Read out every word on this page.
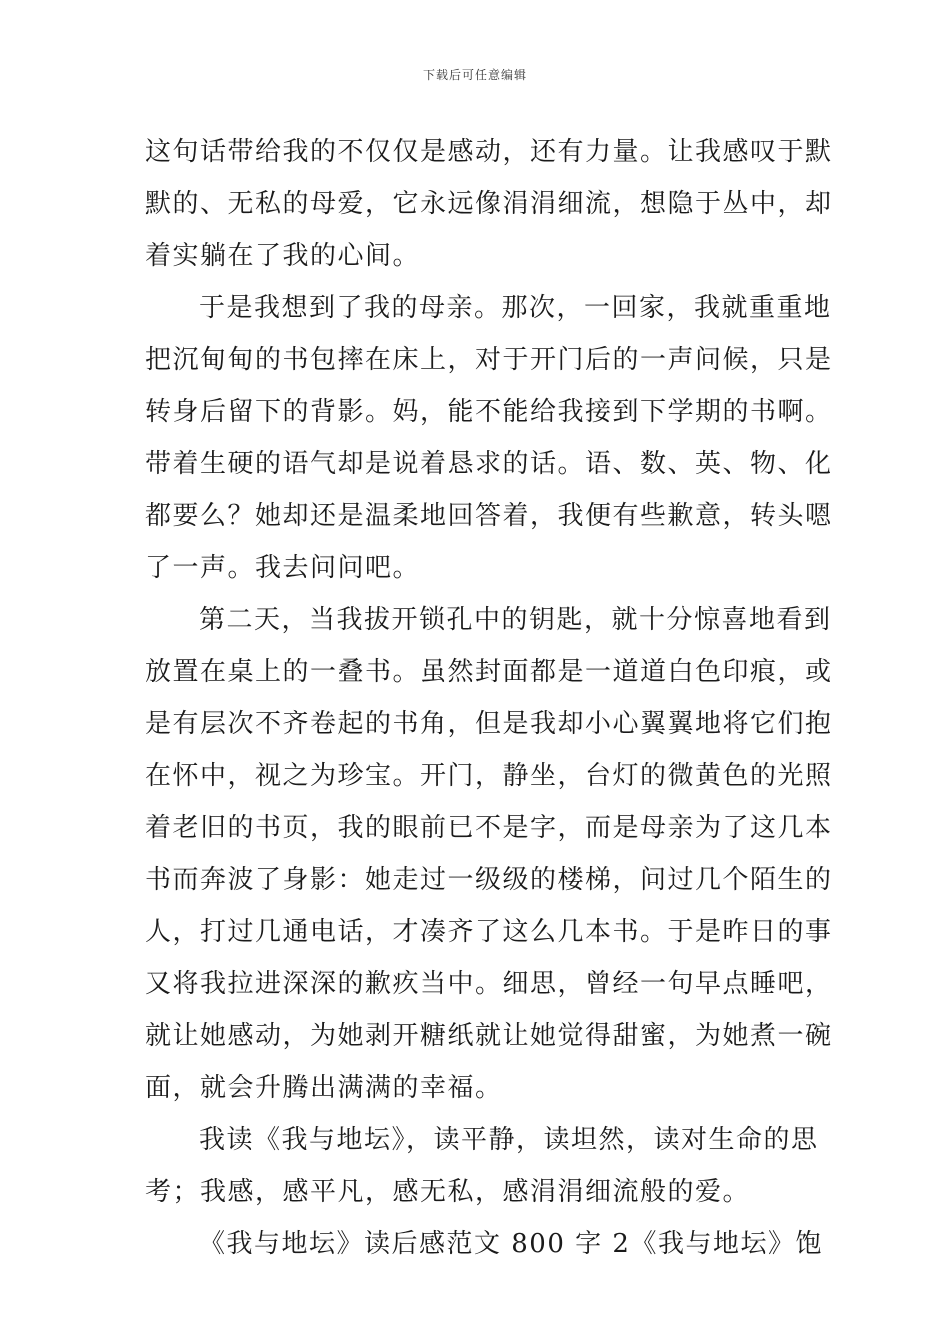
下载后可任意编辑
这句话带给我的不仅仅是感动，还有力量。让我感叹于默
默的、无私的母爱，它永远像涓涓细流，想隐于丛中，却
着实躺在了我的心间。
于是我想到了我的母亲。那次，一回家，我就重重地
把沉甸甸的书包摔在床上，对于开门后的一声问候，只是
转身后留下的背影。妈，能不能给我接到下学期的书啊。
带着生硬的语气却是说着恳求的话。语、数、英、物、化
都要么？她却还是温柔地回答着，我便有些歉意，转头嗯
了一声。我去问问吧。
第二天，当我拔开锁孔中的钥匙，就十分惊喜地看到
放置在桌上的一叠书。虽然封面都是一道道白色印痕，或
是有层次不齐卷起的书角，但是我却小心翼翼地将它们抱
在怀中，视之为珍宝。开门，静坐，台灯的微黄色的光照
着老旧的书页，我的眼前已不是字，而是母亲为了这几本
书而奔波了身影：她走过一级级的楼梯，问过几个陌生的
人，打过几通电话，才凑齐了这么几本书。于是昨日的事
又将我拉进深深的歉疚当中。细思，曾经一句早点睡吧，
就让她感动，为她剥开糖纸就让她觉得甜蜜，为她煮一碗
面，就会升腾出满满的幸福。
我读《我与地坛》，读平静，读坦然，读对生命的思
考；我感，感平凡，感无私，感涓涓细流般的爱。
《我与地坛》读后感范文 800 字 2 《我与地坛》饱
